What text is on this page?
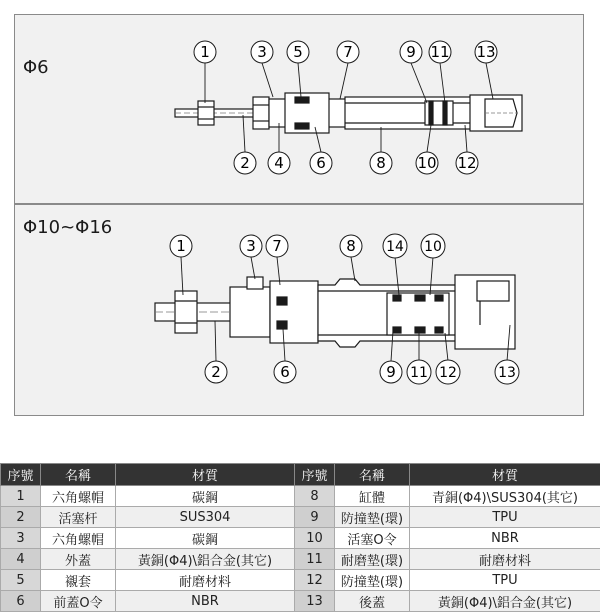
Φ6
1	3 5	7	9 11 13
2 4 6	8 10 12
Φ10~Φ16
1	3 7	8 14 10
2	6	9 11 12	13
序號	名稱	材質	序號	名稱	材質
1	六角螺帽	碳鋼	8	缸體	青銅(Φ4)\SUS304(其它)
2	活塞杆	SUS304	9	防撞墊(環)	TPU
3	六角螺帽	碳鋼	10	活塞O令	NBR
4	外蓋	黃銅(Φ4)\鋁合金(其它)	11	耐磨墊(環)	耐磨材料
5	襯套	耐磨材料	12	防撞墊(環)	TPU
6	前蓋O令	NBR	13	後蓋	黃銅(Φ4)\鋁合金(其它)
